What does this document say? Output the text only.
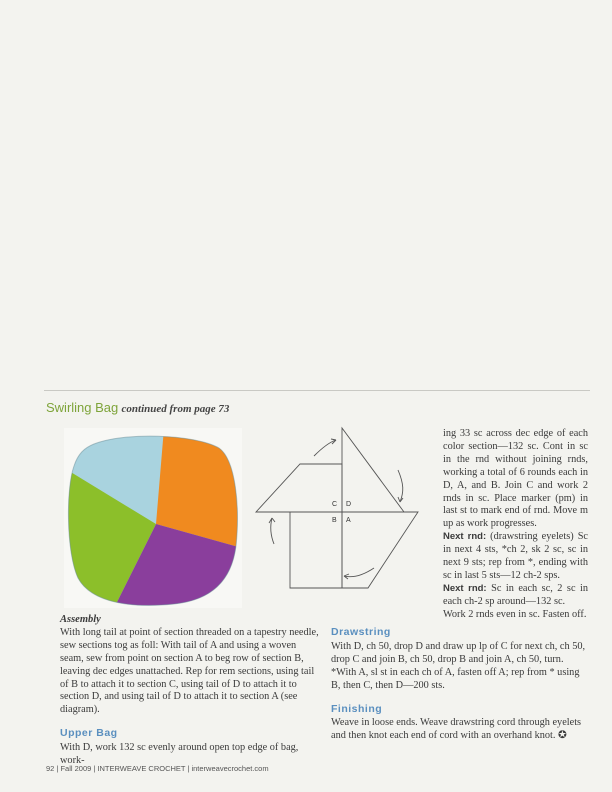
Swirling Bag continued from page 73
C D
B A

ing 33 sc across dec edge of each color section—132 sc. Cont in sc in the rnd without joining rnds, working a total of 6 rounds each in D, A, and B. Join C and work 2 rnds in sc. Place marker (pm) in last st to mark end of rnd. Move m up as work progresses.

Next rnd: (drawstring eyelets) Sc in next 4 sts, *ch 2, sk 2 sc, sc in next 9 sts; rep from *, ending with sc in last 5 sts—12 ch-2 sps.

Next rnd: Sc in each sc, 2 sc in each ch-2 sp around—132 sc.

Work 2 rnds even in sc. Fasten off.

Assembly

With long tail at point of section threaded on a tapestry needle, sew sections tog as foll: With tail of A and using a woven seam, sew from point on section A to beg row of section B, leaving dec edges unattached. Rep for rem sections, using tail of B to attach it to section C, using tail of D to attach it to section D, and using tail of D to attach it to section A (see diagram).

Upper Bag

With D, work 132 sc evenly around open top edge of bag, work-

Drawstring

With D, ch 50, drop D and draw up lp of C for next ch, ch 50, drop C and join B, ch 50, drop B and join A, ch 50, turn. *With A, sl st in each ch of A, fasten off A; rep from * using B, then C, then D—200 sts.

Finishing

Weave in loose ends. Weave drawstring cord through eyelets and then knot each end of cord with an overhand knot. ✪

92 | Fall 2009 | INTERWEAVE CROCHET | interweavecrochet.com
